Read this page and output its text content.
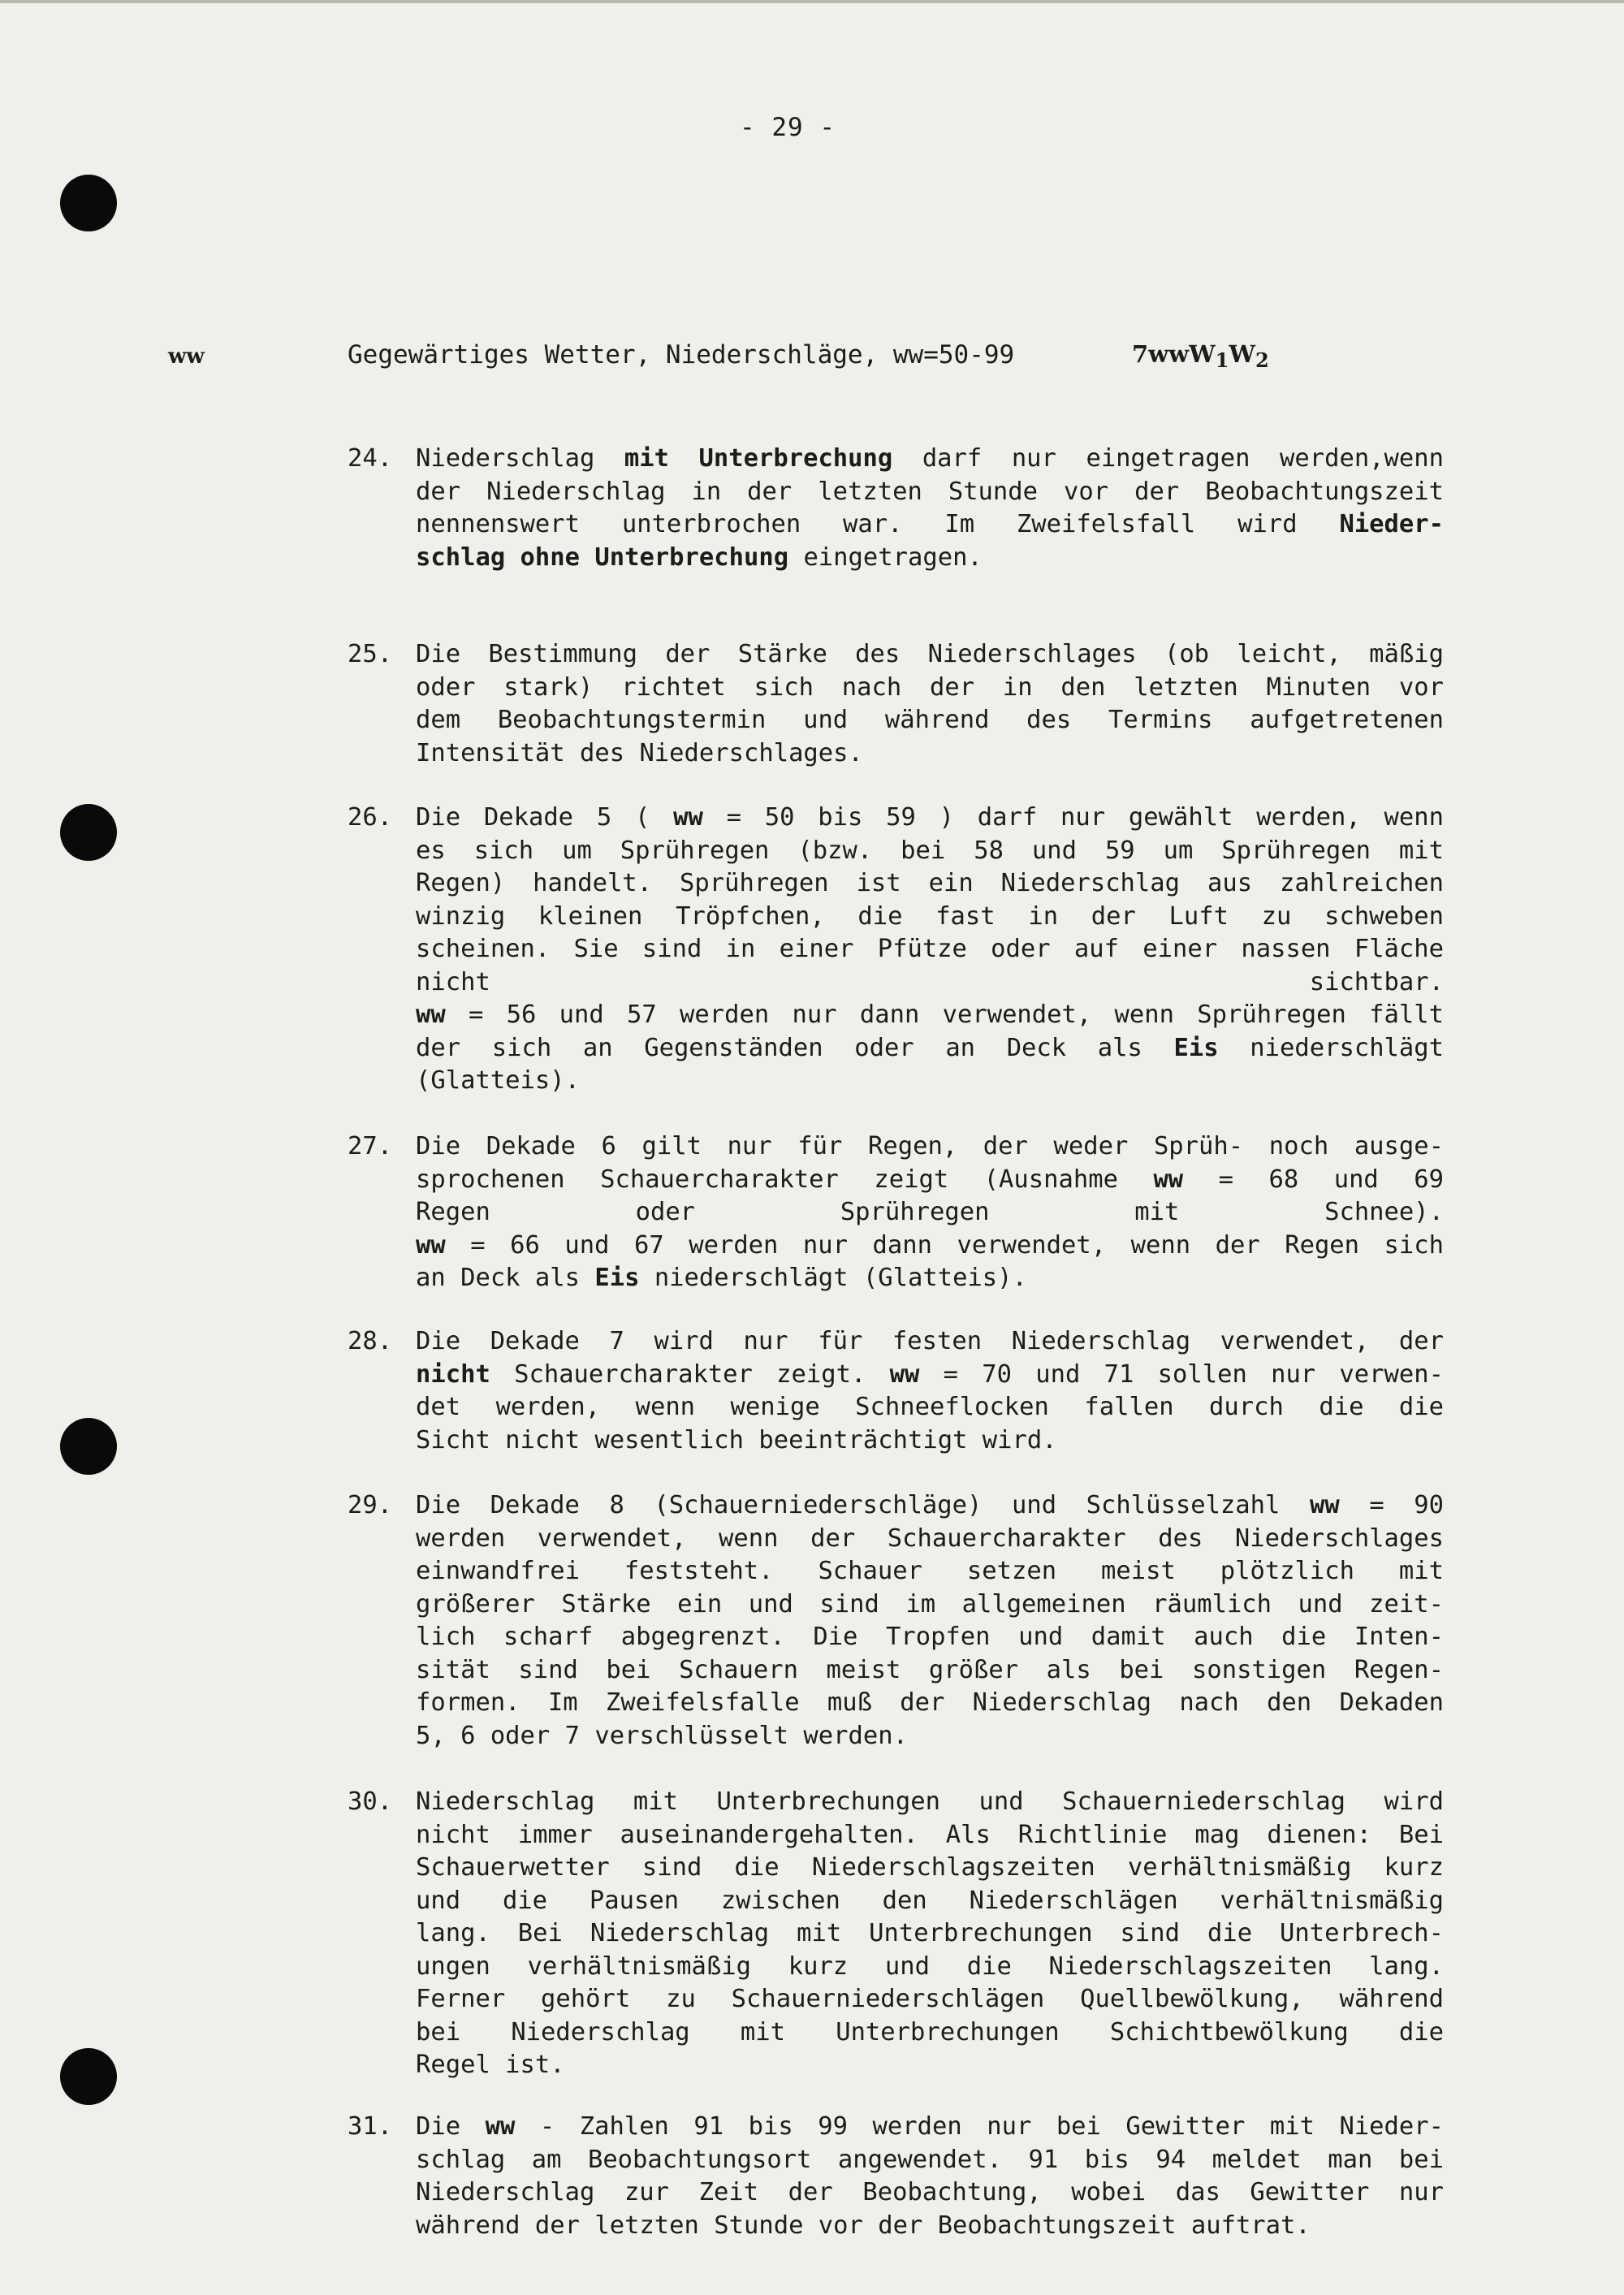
- 29 -
ww	Gegewärtiges Wetter, Niederschläge, ww=50-99	$7wwW_1W_2$
24. Niederschlag mit Unterbrechung darf nur eingetragen werden,wenn
der Niederschlag in der letzten Stunde vor der Beobachtungszeit
nennenswert unterbrochen war. Im Zweifelsfall wird Nieder-
schlag ohne Unterbrechung eingetragen.
25. Die Bestimmung der Stärke des Niederschlages (ob leicht, mäßig
oder stark) richtet sich nach der in den letzten Minuten vor
dem Beobachtungstermin und während des Termins aufgetretenen
Intensität des Niederschlages.
26. Die Dekade 5 ( ww = 50 bis 59 ) darf nur gewählt werden, wenn
es sich um Sprühregen (bzw. bei 58 und 59 um Sprühregen mit
Regen) handelt. Sprühregen ist ein Niederschlag aus zahlreichen
winzig kleinen Tröpfchen, die fast in der Luft zu schweben
scheinen. Sie sind in einer Pfütze oder auf einer nassen Fläche
nicht sichtbar.
ww = 56 und 57 werden nur dann verwendet, wenn Sprühregen fällt
der sich an Gegenständen oder an Deck als Eis niederschlägt
(Glatteis).
27. Die Dekade 6 gilt nur für Regen, der weder Sprüh- noch ausge-
sprochenen Schauercharakter zeigt (Ausnahme ww = 68 und 69
Regen oder Sprühregen mit Schnee).
ww = 66 und 67 werden nur dann verwendet, wenn der Regen sich
an Deck als Eis niederschlägt (Glatteis).
28. Die Dekade 7 wird nur für festen Niederschlag verwendet, der
nicht Schauercharakter zeigt. ww = 70 und 71 sollen nur verwen-
det werden, wenn wenige Schneeflocken fallen durch die die
Sicht nicht wesentlich beeinträchtigt wird.
29. Die Dekade 8 (Schauerniederschläge) und Schlüsselzahl ww = 90
werden verwendet, wenn der Schauercharakter des Niederschlages
einwandfrei feststeht. Schauer setzen meist plötzlich mit
größerer Stärke ein und sind im allgemeinen räumlich und zeit-
lich scharf abgegrenzt. Die Tropfen und damit auch die Inten-
sität sind bei Schauern meist größer als bei sonstigen Regen-
formen. Im Zweifelsfalle muß der Niederschlag nach den Dekaden
5, 6 oder 7 verschlüsselt werden.
30. Niederschlag mit Unterbrechungen und Schauerniederschlag wird
nicht immer auseinandergehalten. Als Richtlinie mag dienen: Bei
Schauerwetter sind die Niederschlagszeiten verhältnismäßig kurz
und die Pausen zwischen den Niederschlägen verhältnismäßig
lang. Bei Niederschlag mit Unterbrechungen sind die Unterbrech-
ungen verhältnismäßig kurz und die Niederschlagszeiten lang.
Ferner gehört zu Schauerniederschlägen Quellbewölkung, während
bei Niederschlag mit Unterbrechungen Schichtbewölkung die
Regel ist.
31. Die ww - Zahlen 91 bis 99 werden nur bei Gewitter mit Nieder-
schlag am Beobachtungsort angewendet. 91 bis 94 meldet man bei
Niederschlag zur Zeit der Beobachtung, wobei das Gewitter nur
während der letzten Stunde vor der Beobachtungszeit auftrat.
